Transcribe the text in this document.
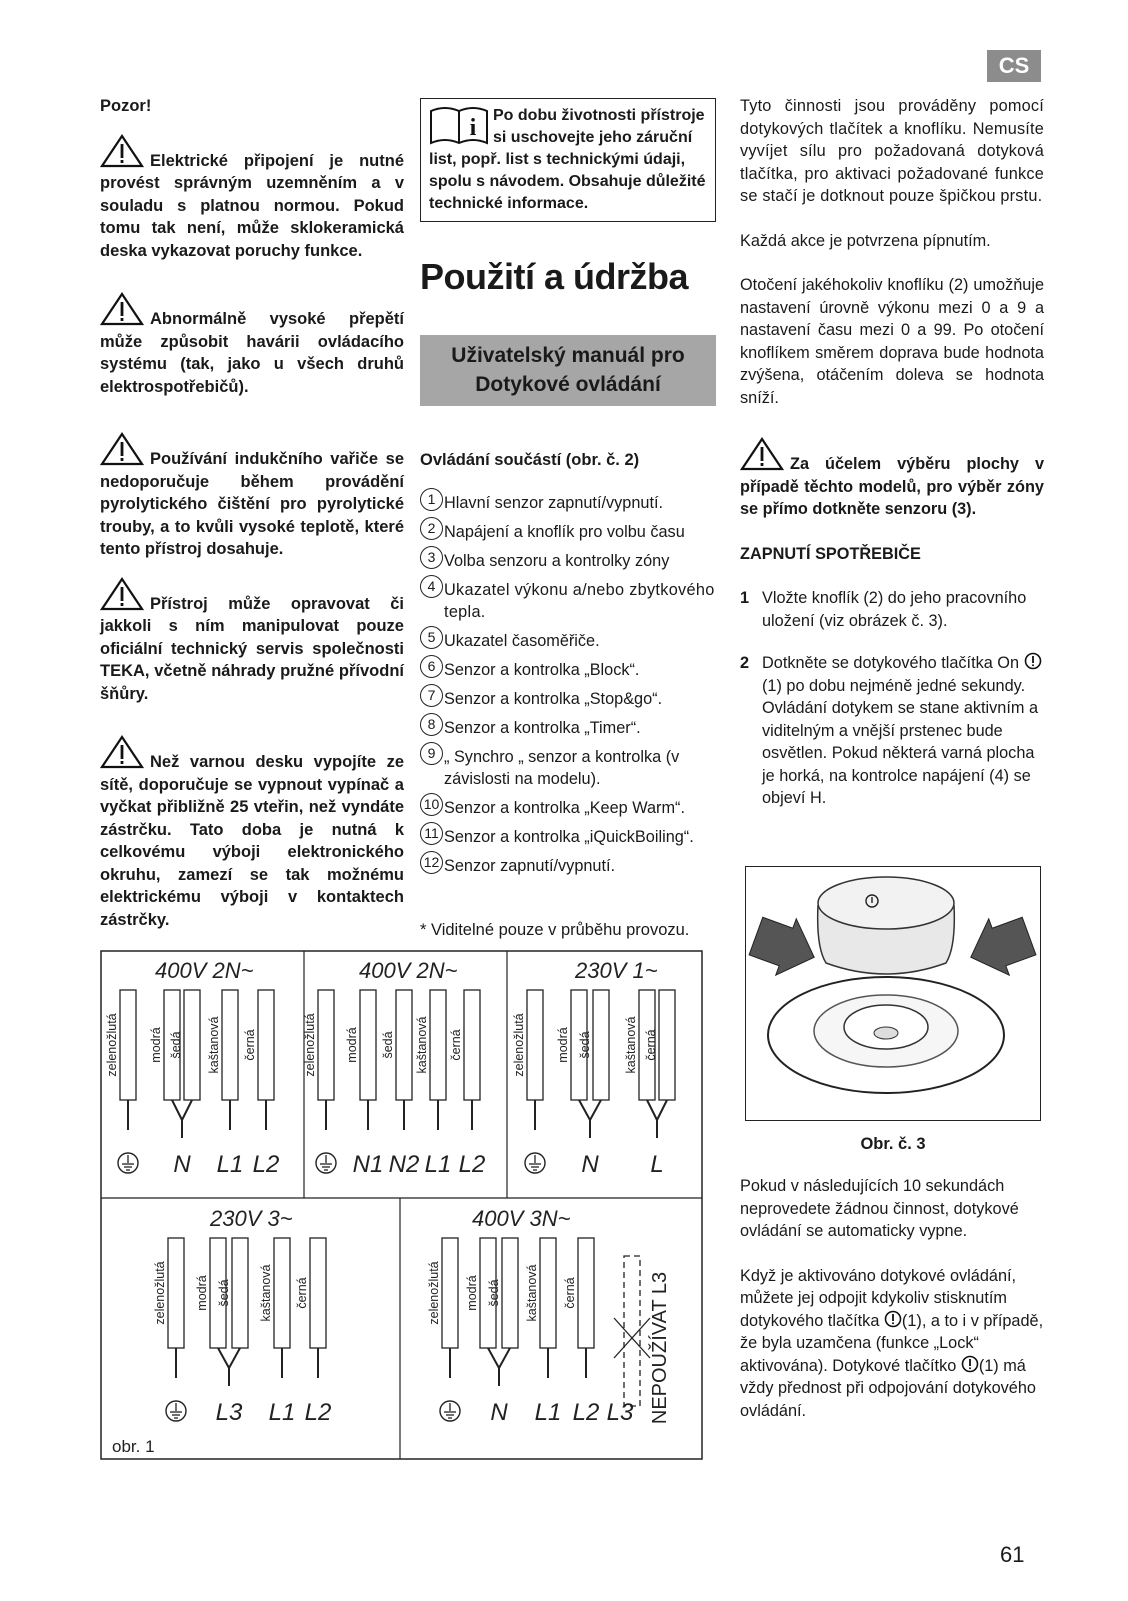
CS

Pozor!

Elektrické připojení je nutné provést správným uzemněním a v souladu s platnou normou. Pokud tomu tak není, může sklokeramická deska vykazovat poruchy funkce.

Abnormálně vysoké přepětí může způsobit havárii ovládacího systému (tak, jako u všech druhů elektrospotřebičů).

Používání indukčního vařiče se nedoporučuje během provádění pyrolytického čištění pro pyrolytické trouby, a to kvůli vysoké teplotě, které tento přístroj dosahuje.

Přístroj může opravovat či jakkoli s ním manipulovat pouze oficiální technický servis společnosti TEKA, včetně náhrady pružné přívodní šňůry.

Než varnou desku vypojíte ze sítě, doporučuje se vypnout vypínač a vyčkat přibližně 25 vteřin, než vyndáte zástrčku. Tato doba je nutná k celkovému výboji elektronického okruhu, zamezí se tak možnému elektrickému výboji v kontaktech zástrčky.

i Po dobu životnosti přístroje si uschovejte jeho záruční list, popř. list s technickými údaji, spolu s návodem. Obsahuje důležité technické informace.
Použití a údržba
Uživatelský manuál pro
Dotykové ovládání
Ovládání součástí (obr. č. 2)
1 Hlavní senzor zapnutí/vypnutí.
2 Napájení a knoflík pro volbu času
3 Volba senzoru a kontrolky zóny
4 Ukazatel výkonu a/nebo zbytkového tepla.
5 Ukazatel časoměřiče.
6 Senzor a kontrolka „Block“.
7 Senzor a kontrolka „Stop&go“.
8 Senzor a kontrolka „Timer“.
9 „ Synchro „ senzor a kontrolka (v závislosti na modelu).
10 Senzor a kontrolka „Keep Warm“.
11 Senzor a kontrolka „iQuickBoiling“.
12 Senzor zapnutí/vypnutí.
* Viditelné pouze v průběhu provozu.

Tyto činnosti jsou prováděny pomocí dotykových tlačítek a knoflíku. Nemusíte vyvíjet sílu pro požadovaná dotyková tlačítka, pro aktivaci požadované funkce se stačí je dotknout pouze špičkou prstu.

Každá akce je potvrzena pípnutím.

Otočení jakéhokoliv knoflíku (2) umožňuje nastavení úrovně výkonu mezi 0 a 9 a nastavení času mezi 0 a 99. Po otočení knoflíkem směrem doprava bude hodnota zvýšena, otáčením doleva se hodnota sníží.

Za účelem výběru plochy v případě těchto modelů, pro výběr zóny se přímo dotkněte senzoru (3).

ZAPNUTÍ SPOTŘEBIČE

1 Vložte knoflík (2) do jeho pracovního uložení (viz obrázek č. 3).
2 Dotkněte se dotykového tlačítka On (1) po dobu nejméně jedné sekundy. Ovládání dotykem se stane aktivním a viditelným a vnější prstenec bude osvětlen. Pokud některá varná plocha je horká, na kontrolce napájení (4) se objeví H.
Obr. č. 3

Pokud v následujících 10 sekundách neprovedete žádnou činnost, dotykové ovládání se automaticky vypne.

Když je aktivováno dotykové ovládání, můžete jej odpojit kdykoliv stisknutím dotykového tlačítka (1), a to i v případě, že byla uzamčena (funkce „Lock“ aktivována). Dotykové tlačítko (1) má vždy přednost při odpojování dotykového ovládání.

400V 2N~
zelenožlutá modrá šedá kaštanová černá
N L1 L2
400V 2N~
zelenožlutá modrá šedá kaštanová černá
N1 N2 L1 L2
230V 1~
zelenožlutá modrá šedá	kaštanová černá
N L
230V 3~
zelenožlutá modrá šedá kaštanová černá
L3 L1 L2
400V 3N~
zelenožlutá modrá šedá kaštanová černá
N L1 L2 L3 NEPOUŽÍVAT L3
obr. 1
61
